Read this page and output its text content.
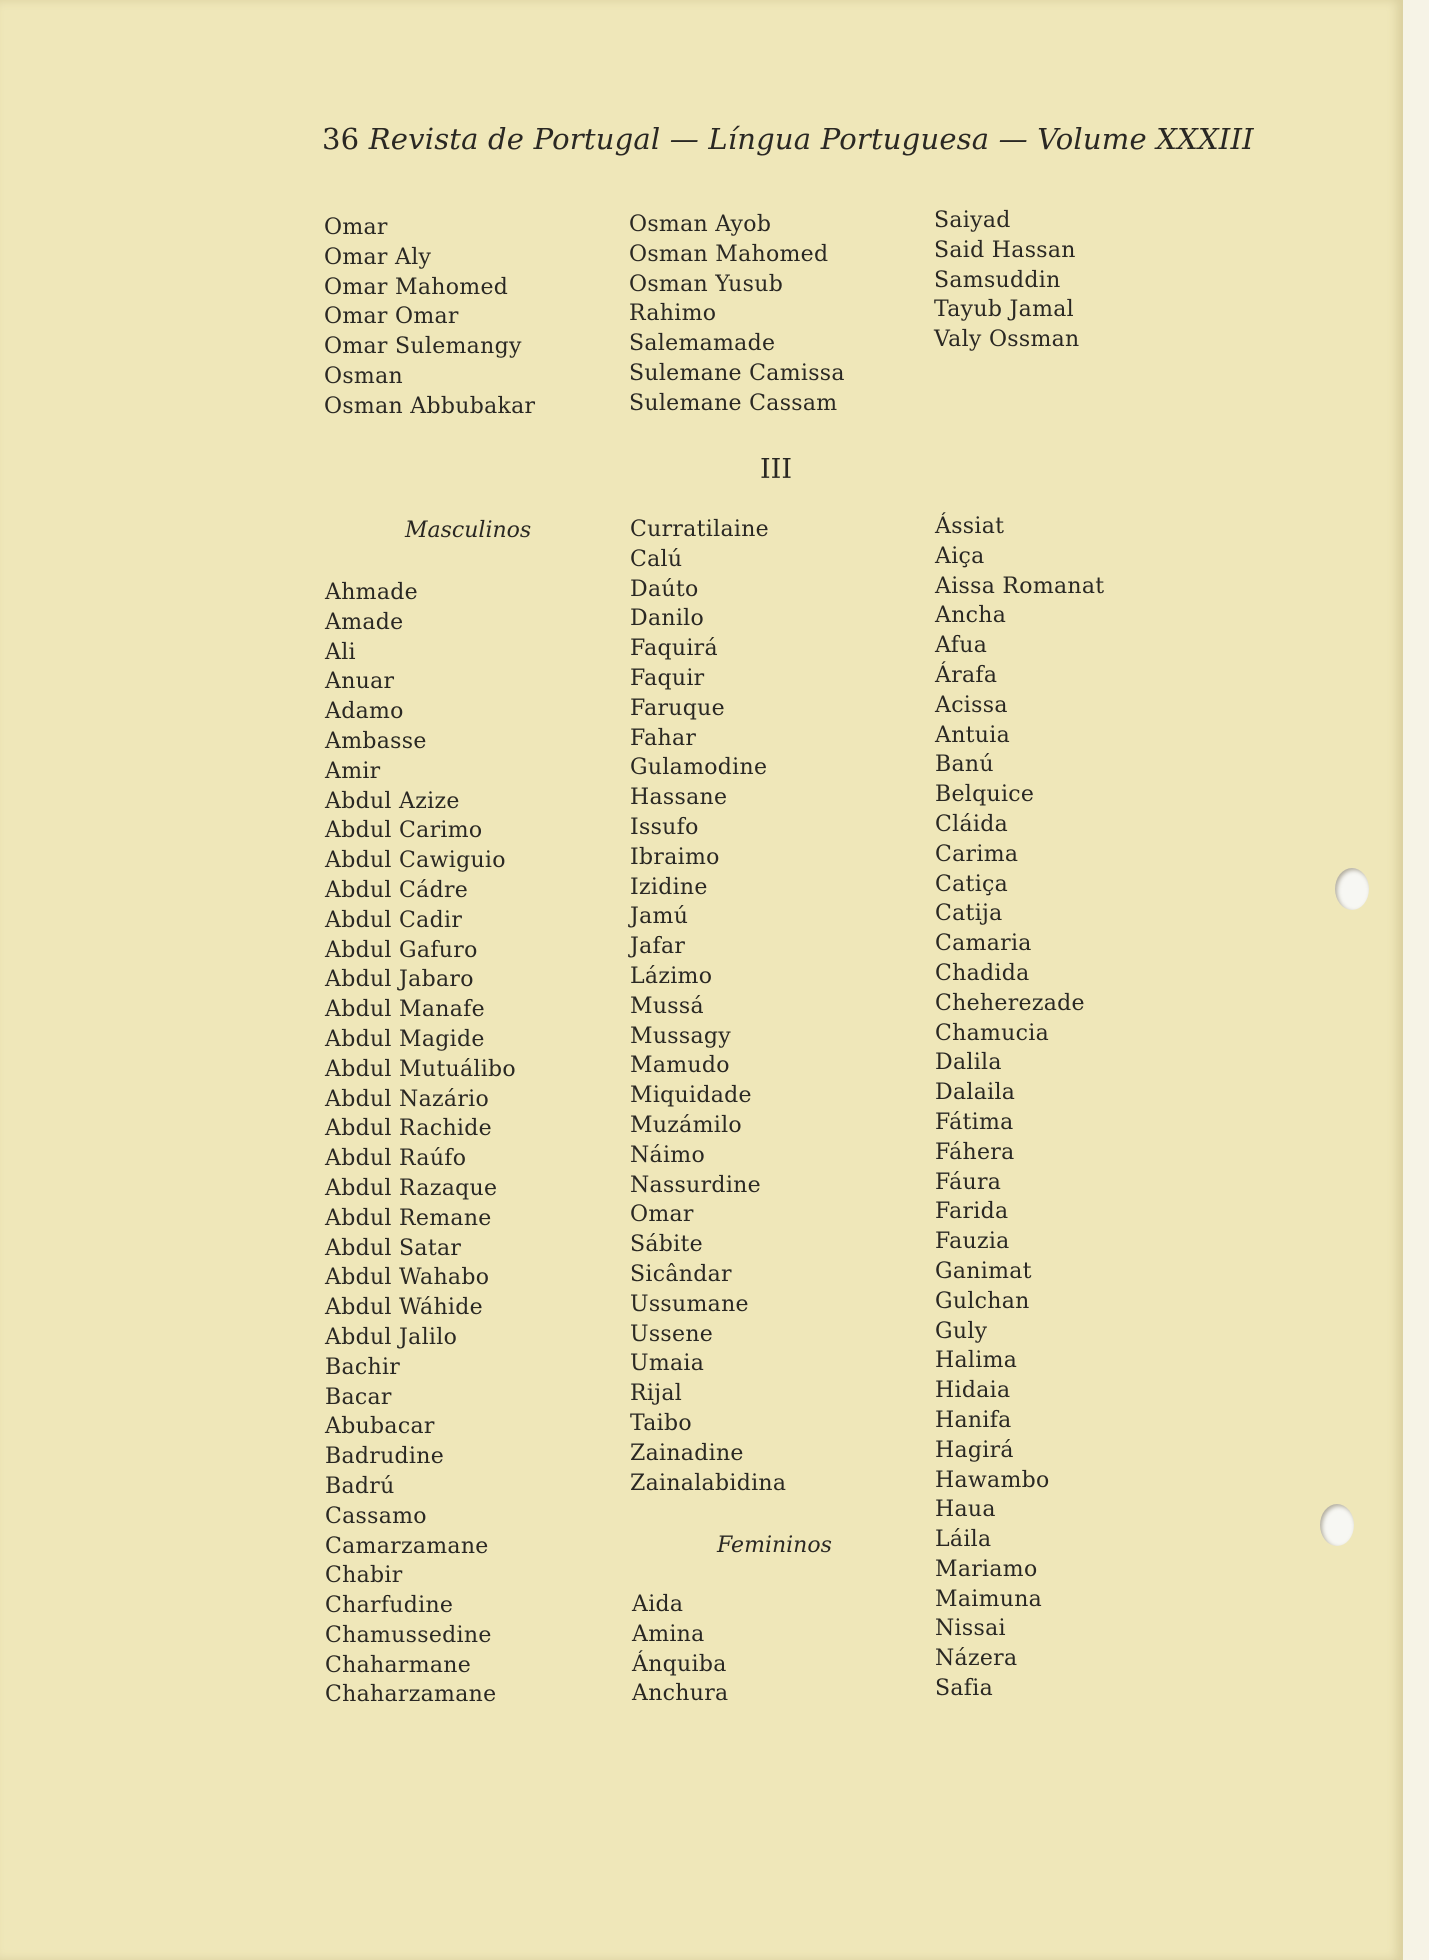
36 Revista de Portugal — Língua Portuguesa — Volume XXXIII
Omar
Omar Aly
Omar Mahomed
Omar Omar
Omar Sulemangy
Osman
Osman Abbubakar
Osman Ayob
Osman Mahomed
Osman Yusub
Rahimo
Salemamade
Sulemane Camissa
Sulemane Cassam
Saiyad
Said Hassan
Samsuddin
Tayub Jamal
Valy Ossman
III
Masculinos
Ahmade
Amade
Ali
Anuar
Adamo
Ambasse
Amir
Abdul Azize
Abdul Carimo
Abdul Cawiguio
Abdul Cádre
Abdul Cadir
Abdul Gafuro
Abdul Jabaro
Abdul Manafe
Abdul Magide
Abdul Mutuálibo
Abdul Nazário
Abdul Rachide
Abdul Raúfo
Abdul Razaque
Abdul Remane
Abdul Satar
Abdul Wahabo
Abdul Wáhide
Abdul Jalilo
Bachir
Bacar
Abubacar
Badrudine
Badrú
Cassamo
Camarzamane
Chabir
Charfudine
Chamussedine
Chaharmane
Chaharzamane
Curratilaine
Calú
Daúto
Danilo
Faquirá
Faquir
Faruque
Fahar
Gulamodine
Hassane
Issufo
Ibraimo
Izidine
Jamú
Jafar
Lázimo
Mussá
Mussagy
Mamudo
Miquidade
Muzámilo
Náimo
Nassurdine
Omar
Sábite
Sicândar
Ussumane
Ussene
Umaia
Rijal
Taibo
Zainadine
Zainalabidina
Femininos
Aida
Amina
Ánquiba
Anchura
Ássiat
Aiça
Aissa Romanat
Ancha
Afua
Árafa
Acissa
Antuia
Banú
Belquice
Cláida
Carima
Catiça
Catija
Camaria
Chadida
Cheherezade
Chamucia
Dalila
Dalaila
Fátima
Fáhera
Fáura
Farida
Fauzia
Ganimat
Gulchan
Guly
Halima
Hidaia
Hanifa
Hagirá
Hawambo
Haua
Láila
Mariamo
Maimuna
Nissai
Názera
Safia
